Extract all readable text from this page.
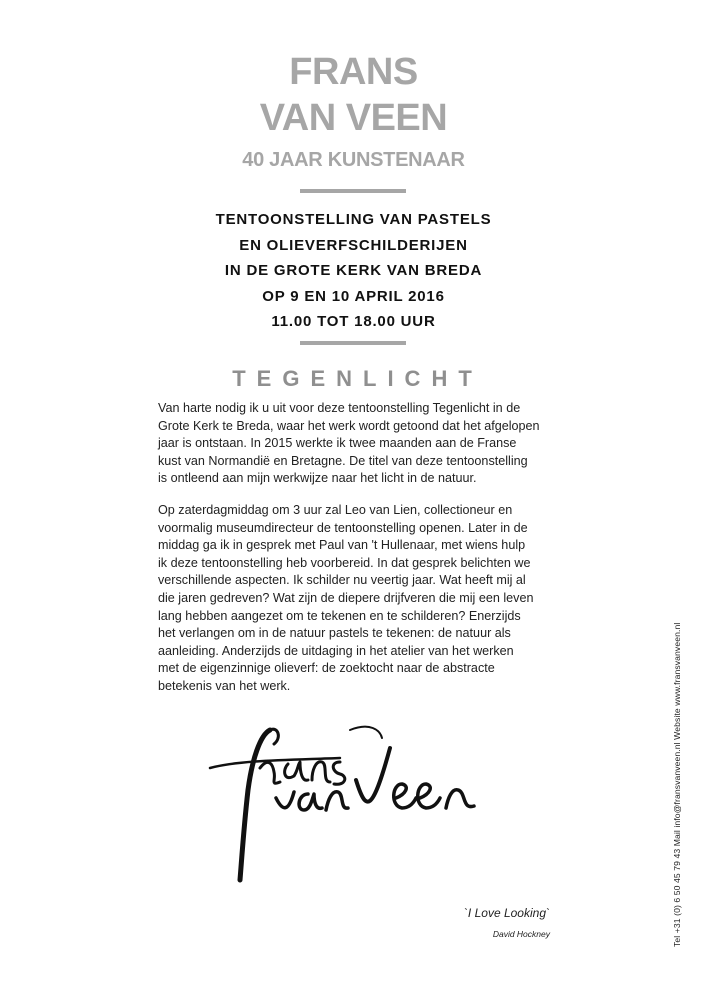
FRANS
VAN VEEN
40 JAAR KUNSTENAAR
TENTOONSTELLING VAN PASTELS
EN OLIEVERFSCHILDERIJEN
IN DE GROTE KERK VAN BREDA
OP 9 EN 10 APRIL 2016
11.00 TOT 18.00 UUR
TEGENLICHT
Van harte nodig ik u uit voor deze tentoonstelling Tegenlicht in de
Grote Kerk te Breda, waar het werk wordt getoond dat het afgelopen
jaar is ontstaan. In 2015 werkte ik twee maanden aan de Franse
kust van Normandië en Bretagne. De titel van deze tentoonstelling
is ontleend aan mijn werkwijze naar het licht in de natuur.
Op zaterdagmiddag om 3 uur zal Leo van Lien, collectioneur en
voormalig museumdirecteur de tentoonstelling openen. Later in de
middag ga ik in gesprek met Paul van 't Hullenaar, met wiens hulp
ik deze tentoonstelling heb voorbereid. In dat gesprek belichten we
verschillende aspecten. Ik schilder nu veertig jaar. Wat heeft mij al
die jaren gedreven? Wat zijn de diepere drijfveren die mij een leven
lang hebben aangezet om te tekenen en te schilderen? Enerzijds
het verlangen om in de natuur pastels te tekenen: de natuur als
aanleiding. Anderzijds de uitdaging in het atelier van het werken
met de eigenzinnige olieverf: de zoektocht naar de abstracte
betekenis van het werk.
`I Love Looking`
David Hockney	Tel +31 (0) 6 50 45 79 43 Mail info@fransvanveen.nl Website www.fransvanveen.nl
